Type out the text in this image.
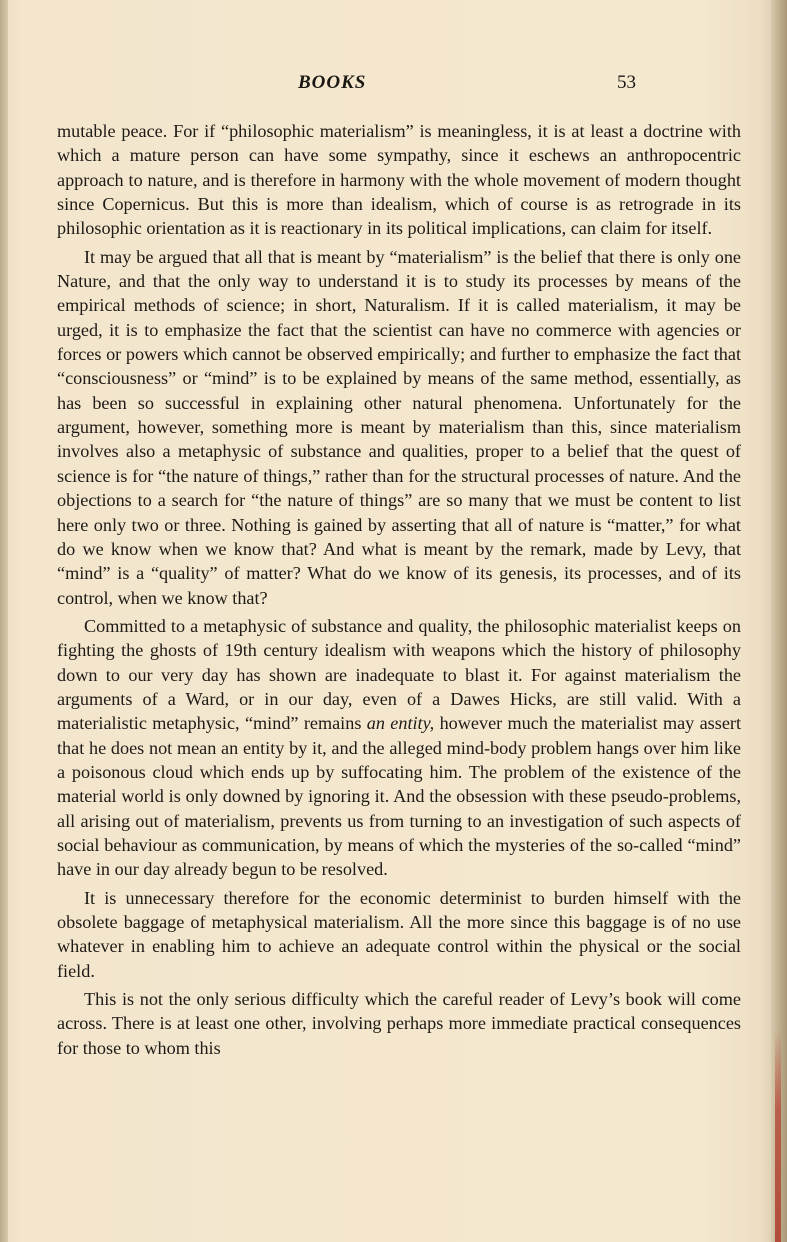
BOOKS	53

mutable peace. For if “philosophic materialism” is meaningless, it is at least a doctrine with which a mature person can have some sympathy, since it eschews an anthropocentric approach to nature, and is therefore in harmony with the whole movement of modern thought since Copernicus. But this is more than idealism, which of course is as retrograde in its philosophic orientation as it is reactionary in its political implications, can claim for itself.

It may be argued that all that is meant by “materialism” is the belief that there is only one Nature, and that the only way to understand it is to study its processes by means of the empirical methods of science; in short, Naturalism. If it is called materialism, it may be urged, it is to emphasize the fact that the scientist can have no commerce with agencies or forces or powers which cannot be observed empirically; and further to emphasize the fact that “consciousness” or “mind” is to be explained by means of the same method, essentially, as has been so successful in explaining other natural phenomena. Unfortunately for the argument, however, something more is meant by materialism than this, since materialism involves also a metaphysic of substance and qualities, proper to a belief that the quest of science is for “the nature of things,” rather than for the structural processes of nature. And the objections to a search for “the nature of things” are so many that we must be content to list here only two or three. Nothing is gained by asserting that all of nature is “matter,” for what do we know when we know that? And what is meant by the remark, made by Levy, that “mind” is a “quality” of matter? What do we know of its genesis, its processes, and of its control, when we know that?

Committed to a metaphysic of substance and quality, the philosophic materialist keeps on fighting the ghosts of 19th century idealism with weapons which the history of philosophy down to our very day has shown are inadequate to blast it. For against materialism the arguments of a Ward, or in our day, even of a Dawes Hicks, are still valid. With a materialistic metaphysic, “mind” remains an entity, however much the materialist may assert that he does not mean an entity by it, and the alleged mind-body problem hangs over him like a poisonous cloud which ends up by suffocating him. The problem of the existence of the material world is only downed by ignoring it. And the obsession with these pseudo-problems, all arising out of materialism, prevents us from turning to an investigation of such aspects of social behaviour as communication, by means of which the mysteries of the so-called “mind” have in our day already begun to be resolved.

It is unnecessary therefore for the economic determinist to burden himself with the obsolete baggage of metaphysical materialism. All the more since this baggage is of no use whatever in enabling him to achieve an adequate control within the physical or the social field.

This is not the only serious difficulty which the careful reader of Levy’s book will come across. There is at least one other, involving perhaps more immediate practical consequences for those to whom this
